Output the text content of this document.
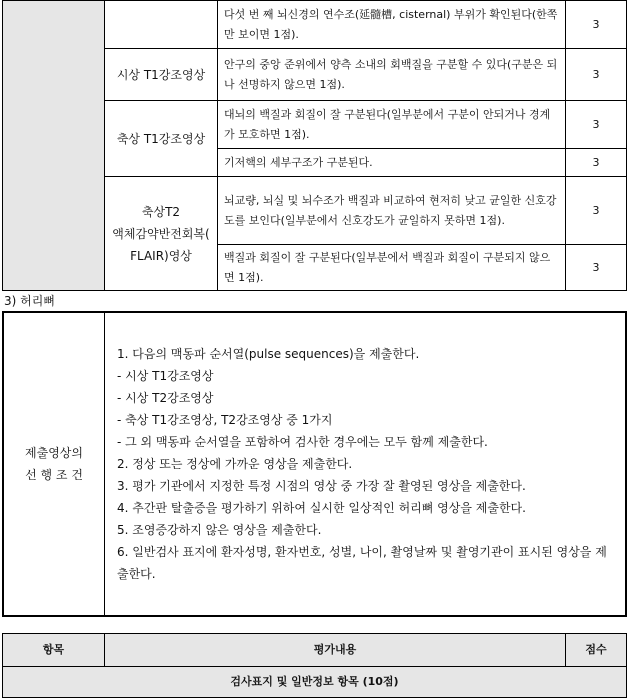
		다섯 번 째 뇌신경의 연수조(延髓槽, cisternal) 부위가 확인된다(한쪽만 보이면 1점).	3
	시상 T1강조영상	안구의 중앙 준위에서 양측 소내의 회백질을 구분할 수 있다(구분은 되나 선명하지 않으면 1점).	3
	축상 T1강조영상	대뇌의 백질과 회질이 잘 구분된다(일부분에서 구분이 안되거나 경계가 모호하면 1점).	3
		기저핵의 세부구조가 구분된다.	3
	축상T2
액체감약반전회복(
FLAIR)영상	뇌교량, 뇌실 및 뇌수조가 백질과 비교하여 현저히 낮고 균일한 신호강도를 보인다(일부분에서 신호강도가 균일하지 못하면 1점).	3
		백질과 회질이 잘 구분된다(일부분에서 백질과 회질이 구분되지 않으면 1점).	3
3) 허리뼈
제출영상의
선 행 조 건	
1. 다음의 맥동파 순서열(pulse sequences)을 제출한다.
- 시상 T1강조영상
- 시상 T2강조영상
- 축상 T1강조영상, T2강조영상 중 1가지
- 그 외 맥동파 순서열을 포함하여 검사한 경우에는 모두 함께 제출한다.
2. 정상 또는 정상에 가까운 영상을 제출한다.
3. 평가 기관에서 지정한 특정 시점의 영상 중 가장 잘 촬영된 영상을 제출한다.
4. 추간판 탈출증을 평가하기 위하여 실시한 일상적인 허리뼈 영상을 제출한다.
5. 조영증강하지 않은 영상을 제출한다.
6. 일반검사 표지에 환자성명, 환자번호, 성별, 나이, 촬영날짜 및 촬영기관이 표시된 영상을 제출한다.
항목	평가내용	점수
검사표지 및 일반정보 항목 (10점)
